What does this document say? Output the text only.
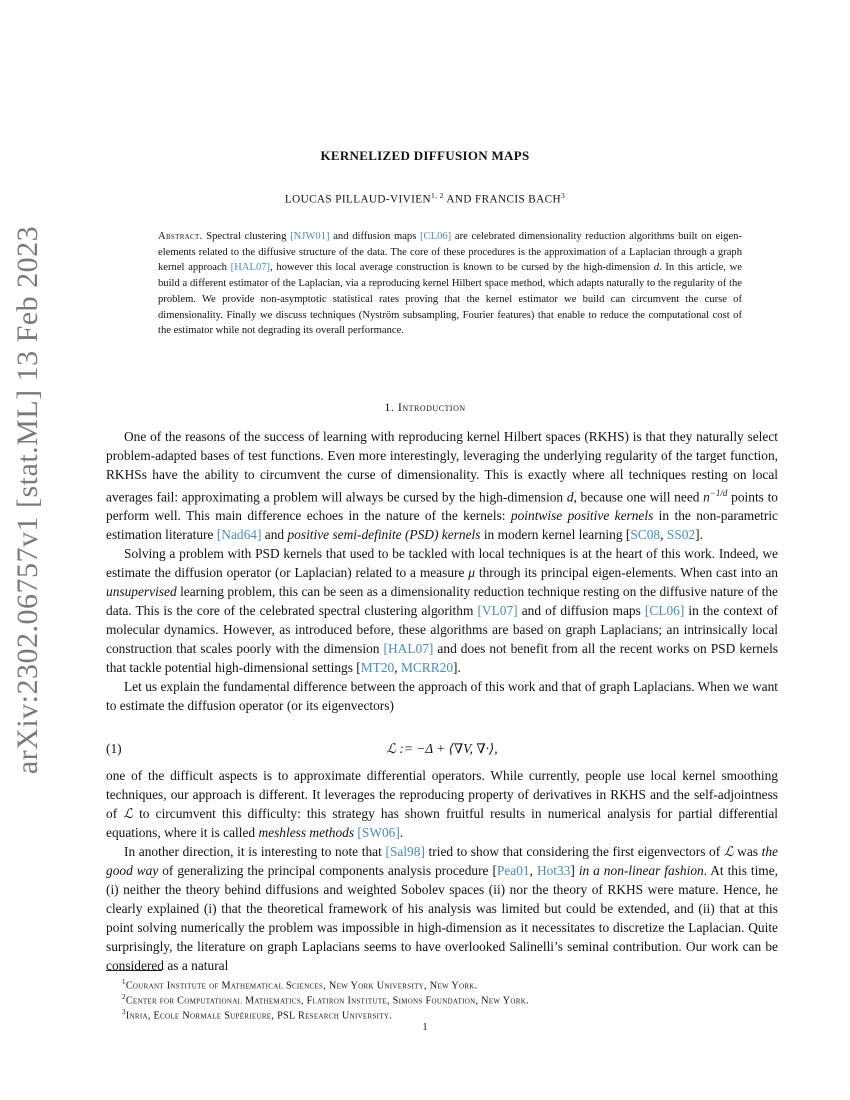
arXiv:2302.06757v1 [stat.ML] 13 Feb 2023
KERNELIZED DIFFUSION MAPS
LOUCAS PILLAUD-VIVIEN$^{1, 2}$ AND FRANCIS BACH$^3$
Abstract. Spectral clustering [NJW01] and diffusion maps [CL06] are celebrated dimensionality reduction algorithms built on eigen-elements related to the diffusive structure of the data. The core of these procedures is the approximation of a Laplacian through a graph kernel approach [HAL07], however this local average construction is known to be cursed by the high-dimension d. In this article, we build a different estimator of the Laplacian, via a reproducing kernel Hilbert space method, which adapts naturally to the regularity of the problem. We provide non-asymptotic statistical rates proving that the kernel estimator we build can circumvent the curse of dimensionality. Finally we discuss techniques (Nyström subsampling, Fourier features) that enable to reduce the computational cost of the estimator while not degrading its overall performance.
1. Introduction

One of the reasons of the success of learning with reproducing kernel Hilbert spaces (RKHS) is that they naturally select problem-adapted bases of test functions. Even more interestingly, leveraging the underlying regularity of the target function, RKHSs have the ability to circumvent the curse of dimensionality. This is exactly where all techniques resting on local averages fail: approximating a problem will always be cursed by the high-dimension d, because one will need $n^{-1/d}$ points to perform well. This main difference echoes in the nature of the kernels: pointwise positive kernels in the non-parametric estimation literature [Nad64] and positive semi-definite (PSD) kernels in modern kernel learning [SC08, SS02].

Solving a problem with PSD kernels that used to be tackled with local techniques is at the heart of this work. Indeed, we estimate the diffusion operator (or Laplacian) related to a measure μ through its principal eigen-elements. When cast into an unsupervised learning problem, this can be seen as a dimensionality reduction technique resting on the diffusive nature of the data. This is the core of the celebrated spectral clustering algorithm [VL07] and of diffusion maps [CL06] in the context of molecular dynamics. However, as introduced before, these algorithms are based on graph Laplacians; an intrinsically local construction that scales poorly with the dimension [HAL07] and does not benefit from all the recent works on PSD kernels that tackle potential high-dimensional settings [MT20, MCRR20].

Let us explain the fundamental difference between the approach of this work and that of graph Laplacians. When we want to estimate the diffusion operator (or its eigenvectors)

(1)	ℒ := −Δ + ⟨∇V, ∇·⟩,

one of the difficult aspects is to approximate differential operators. While currently, people use local kernel smoothing techniques, our approach is different. It leverages the reproducing property of derivatives in RKHS and the self-adjointness of ℒ to circumvent this difficulty: this strategy has shown fruitful results in numerical analysis for partial differential equations, where it is called meshless methods [SW06].

In another direction, it is interesting to note that [Sal98] tried to show that considering the first eigenvectors of ℒ was the good way of generalizing the principal components analysis procedure [Pea01, Hot33] in a non-linear fashion. At this time, (i) neither the theory behind diffusions and weighted Sobolev spaces (ii) nor the theory of RKHS were mature. Hence, he clearly explained (i) that the theoretical framework of his analysis was limited but could be extended, and (ii) that at this point solving numerically the problem was impossible in high-dimension as it necessitates to discretize the Laplacian. Quite surprisingly, the literature on graph Laplacians seems to have overlooked Salinelli’s seminal contribution. Our work can be considered as a natural

$^1$Courant Institute of Mathematical Sciences, New York University, New York.
$^2$Center for Computational Mathematics, Flatiron Institute, Simons Foundation, New York.
$^3$Inria, Ecole Normale Supérieure, PSL Research University.
1
